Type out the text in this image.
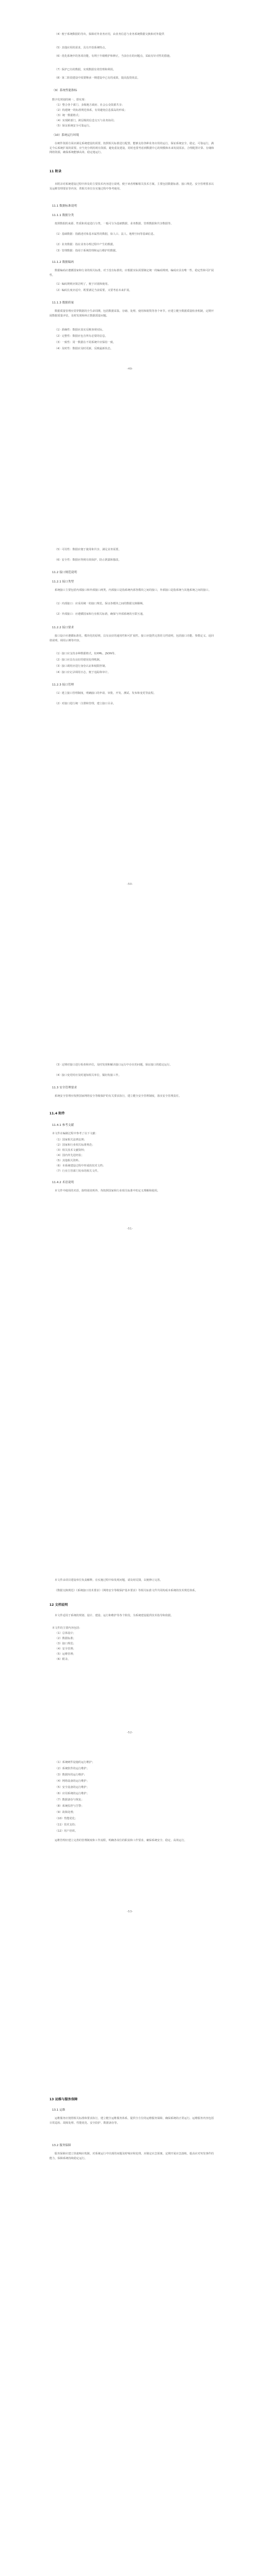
（4）便于系统数据的导出，保障对外业务应用，由业务信息与业务系统数据交换和对外提供
（5）其他应用的需求，具有开放系统特点。
（6）优化系统中的各项功能，有利于升级维护和修正，当前存在的问题点，采取有针对性的措施。
（7）保护已有的数据，实现数据有效管理和利用。
（8）第二阶段建设中需要继承一期建设中已有的成果，提高投资效益。
（9）系统性能指标
数字化规划的统一，即实现：
（1）整合各个部门、多级地方政府、社会公众资源共享；
（2）构建统一的标准规范体系，有效避免信息孤岛的形成；
（3）统一数据格式；
（4）实现跨部门、跨层级的信息交互与业务协同；
（5）保证系统安全可靠运行。
（10）系统运行环境
在硬件资源方面应满足系统建设的需要，按照相关标准进行配置，能够支持各种业务应用的运行，保证系统安全、稳定、可靠运行，满足今后系统扩展的需要。应当充分利用现有资源，避免重复建设，同时也要考虑到数据中心的规模和未来发展需求，合理配置计算、存储和网络资源，确保系统能够高效、稳定地运行。
11 附录
本附录对系统建设过程中涉及的主要技术内容进行说明，便于读者理解相关技术方案。主要包括数据标准、接口规范、安全管理要求以及运维管理要求等内容，供相关单位在实施过程中参考使用。
11.1 数据标准说明
11.1.1 数据分类
按照数据的来源、性质和用途进行分类，一般可分为基础数据、业务数据、管理数据和共享数据等。
（1）基础数据：指描述对象基本属性的数据，如人口、法人、地理空间等基础信息。
（2）业务数据：指在业务办理过程中产生的数据。
（3）管理数据：指用于系统管理和运行维护的数据。
11.1.2 数据编码
数据编码应遵循国家和行业的相关标准，对于没有标准的，应根据实际需要制定统一的编码规则。编码应具有唯一性、稳定性和可扩展性。
（1）编码规则应简洁明了，便于识别和使用。
（2）编码长度应适中，既要满足当前需要，又要考虑未来扩展。
11.1.3 数据质量
数据质量管理应贯穿数据的全生命周期，包括数据采集、存储、处理、使用和销毁等各个环节。应建立健全数据质量检查机制，定期开展数据质量评估，及时发现和纠正数据质量问题。
（1）准确性：数据应真实反映客观实际。
（2）完整性：数据应包含所有必要的信息。
（3）一致性：同一数据在不同系统中应保持一致。
（4）及时性：数据应及时更新，反映最新状态。
-49-
（5）可用性：数据应便于使用和共享，满足业务需要。
（6）安全性：数据应得到有效保护，防止泄露和篡改。
11.2 接口规范说明
11.2.1 接口类型
系统接口主要包括内部接口和外部接口两类。内部接口是指系统内部各模块之间的接口，外部接口是指系统与其他系统之间的接口。
（1）内部接口：应采用统一的接口规范，保证各模块之间的数据交换顺畅。
（2）外部接口：应遵循国家和行业相关标准，确保与外部系统的互联互通。
11.2.2 接口要求
接口设计应遵循标准化、模块化的原则，具有良好的通用性和可扩展性。接口应提供完善的文档说明，包括接口功能、参数定义、返回值说明、调用示例等内容。
（1）接口应支持多种数据格式，如XML、JSON等。
（2）接口应具有良好的错误处理机制。
（3）接口调用应进行身份认证和权限控制。
（4）接口应记录调用日志，便于追踪和审计。
11.2.3 接口管理
（1）建立接口管理制度，明确接口的申请、审批、开发、测试、发布和变更等流程。
（2）对接口进行统一注册和管理，建立接口目录。
-50-
（3）定期对接口进行检查和评估，及时发现和解决接口运行中存在的问题，保证接口的稳定运行。
（4）接口变更时应及时通知相关单位，做好衔接工作。
11.3 安全管理要求
系统安全管理应按照国家网络安全等级保护的有关要求执行，建立健全安全管理制度，落实安全管理责任。
11.4 附件
11.4.1 参考文献
本文件在编制过程中参考了以下文献：
（1）国家相关法律法规；
（2）国家和行业相关标准规范；
（3）相关技术文献资料；
（4）国内外先进经验；
（5）其他相关资料。
（6）本系统建设过程中形成的技术文档；
（7）行业主管部门发布的相关文件。
11.4.2 术语说明
本文件中使用的术语，除特别说明外，均按照国家和行业相关标准中的定义理解和使用。
-51-
本文件由项目建设单位负责解释。在实施过程中如发现问题，请及时反馈，以便修订完善。
《数据交换规范》《系统接口技术要求》《网络安全等级保护基本要求》等相关标准文件共同构成本系统的技术规范体系。
12 文档说明
本文件适用于系统的规划、设计、建设、运行和维护等各个阶段，为系统建设提供技术指导和依据。
本文件的主要内容包括：
（1）总体设计；
（2）数据标准；
（3）接口规范；
（4）安全管理；
（5）运维管理；
（6）附录。
-52-
（1）系统硬件设施的运行维护；
（2）系统软件的运行维护；
（3）数据库的运行维护；
（4）网络设备的运行维护；
（5）安全设备的运行维护；
（6）应用系统的运行维护；
（7）数据备份与恢复；
（8）系统监控与告警；
（9）故障处理；
（10）性能优化；
（11）技术支持；
（12）用户培训。
运维管理应建立完善的管理制度和工作流程，明确各岗位的职责和工作要求，确保系统安全、稳定、高效运行。
-53-
13 运维与服务保障
13.1 运维
运维服务应按照相关标准和要求执行，建立健全运维服务体系，提供全方位的运维服务保障，确保系统的正常运行。运维服务内容包括日常巡检、故障处理、性能优化、安全防护、数据备份等。
13.2 服务保障
服务保障应建立快速响应机制，对系统运行中出现的问题及时响应和处理。应制定应急预案，定期开展应急演练，提高应对突发事件的能力，保障系统持续稳定运行。
